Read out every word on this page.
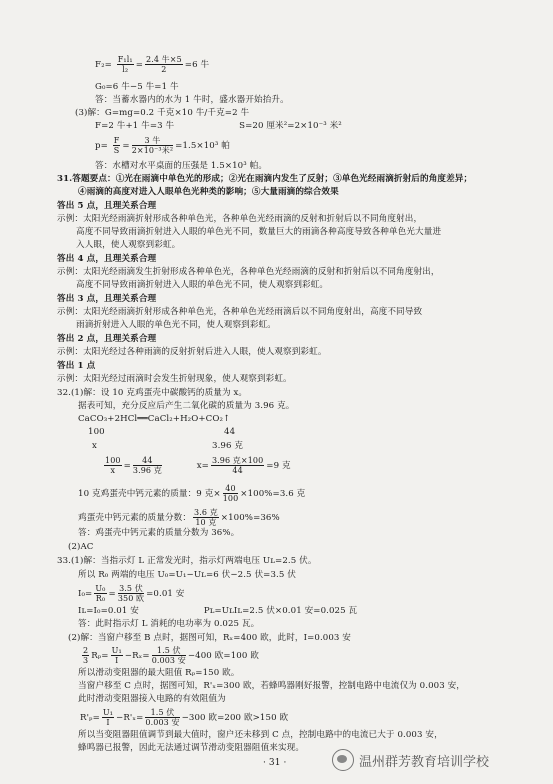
$F_2= \frac{\text{F₁l₁}}{\text{l₂}} = \frac{\text{2.4 牛×5}}{2} =6$ 牛
G₀=6 牛−5 牛=1 牛
答：当蓄水器内的水为 1 牛时，盛水器开始抬升。
(3)解：G=mg=0.2 千克×10 牛/千克=2 牛
F=2 牛+1 牛=3 牛	S=20 厘米²=2×10⁻³ 米²
$p= \frac{F}{S} = \frac{\text{3 牛}}{\text{2×10⁻³米²}} =1.5\times 10^3$ 帕
答：水槽对水平桌面的压强是 1.5×10³ 帕。
31.答题要点：①光在雨滴中单色光的形成；②光在雨滴内发生了反射；③单色光经雨滴折射后的角度差异；
④雨滴的高度对进入人眼单色光种类的影响；⑤大量雨滴的综合效果
答出 5 点，且理关系合理
示例：太阳光经雨滴折射形成各种单色光，各种单色光经雨滴的反射和折射后以不同角度射出，
高度不同导致雨滴折射进入人眼的单色光不同，数量巨大的雨滴各种高度导致各种单色光大量进
入人眼，使人观察到彩虹。
答出 4 点，且理关系合理
示例：太阳光经雨滴发生折射形成各种单色光，各种单色光经雨滴的反射和折射后以不同角度射出，
高度不同导致雨滴折射进入人眼的单色光不同，使人观察到彩虹。
答出 3 点，且理关系合理
示例：太阳光经雨滴折射形成各种单色光，各种单色光经雨滴后以不同角度射出，高度不同导致
雨滴折射进入人眼的单色光不同，使人观察到彩虹。
答出 2 点，且理关系合理
示例：太阳光经过各种雨滴的反射折射后进入人眼，使人观察到彩虹。
答出 1 点
示例：太阳光经过雨滴时会发生折射现象，使人观察到彩虹。
32.(1)解：设 10 克鸡蛋壳中碳酸钙的质量为 x。
据表可知，充分反应后产生二氧化碳的质量为 3.96 克。
CaCO₃+2HCl══CaCl₂+H₂O+CO₂↑
100	44
x	3.96 克
$\frac{100}{x} = \frac{44}{\text{3.96 克}}$	$x= \frac{\text{3.96 克×100}}{44} =9$ 克
10 克鸡蛋壳中钙元素的质量：9 克× $\frac{40}{100} \times 100\%=3.6$ 克
鸡蛋壳中钙元素的质量分数： $\frac{\text{3.6 克}}{\text{10 克}} \times 100\%=36\%$
答：鸡蛋壳中钙元素的质量分数为 36%。
(2)AC
33.(1)解：当指示灯 L 正常发光时，指示灯两端电压 Uʟ=2.5 伏。
所以 R₀ 两端的电压 U₀=U₁−Uʟ=6 伏−2.5 伏=3.5 伏
$I_0= \frac{\text{U₀}}{\text{R₀}} = \frac{\text{3.5 伏}}{\text{350 欧}} =0.01$ 安
Iʟ=I₀=0.01 安	Pʟ=UʟIʟ=2.5 伏×0.01 安=0.025 瓦
答：此时指示灯 L 消耗的电功率为 0.025 瓦。
(2)解：当窗户移至 B 点时，据图可知，Rₓ=400 欧，此时，I=0.003 安
$\frac{2}{3} R_p= \frac{\text{U₁}}{I} -R_x= \frac{\text{1.5 伏}}{\text{0.003 安}} -400$ 欧=100 欧
所以滑动变阻器的最大阻值 Rₚ=150 欧。
当窗户移至 C 点时，据图可知，R'ₓ=300 欧，若蜂鸣器刚好报警，控制电路中电流仅为 0.003 安，
此时滑动变阻器接入电路的有效阻值为
$R'_p= \frac{\text{U₁}}{I} -R'_x= \frac{\text{1.5 伏}}{\text{0.003 安}} -300$ 欧=200 欧>150 欧
所以当变阻器阻值调节到最大值时，窗户还未移到 C 点，控制电路中的电流已大于 0.003 安，
蜂鸣器已报警，因此无法通过调节滑动变阻器阻值来实现。
· 31 ·	温州群芳教育培训学校
